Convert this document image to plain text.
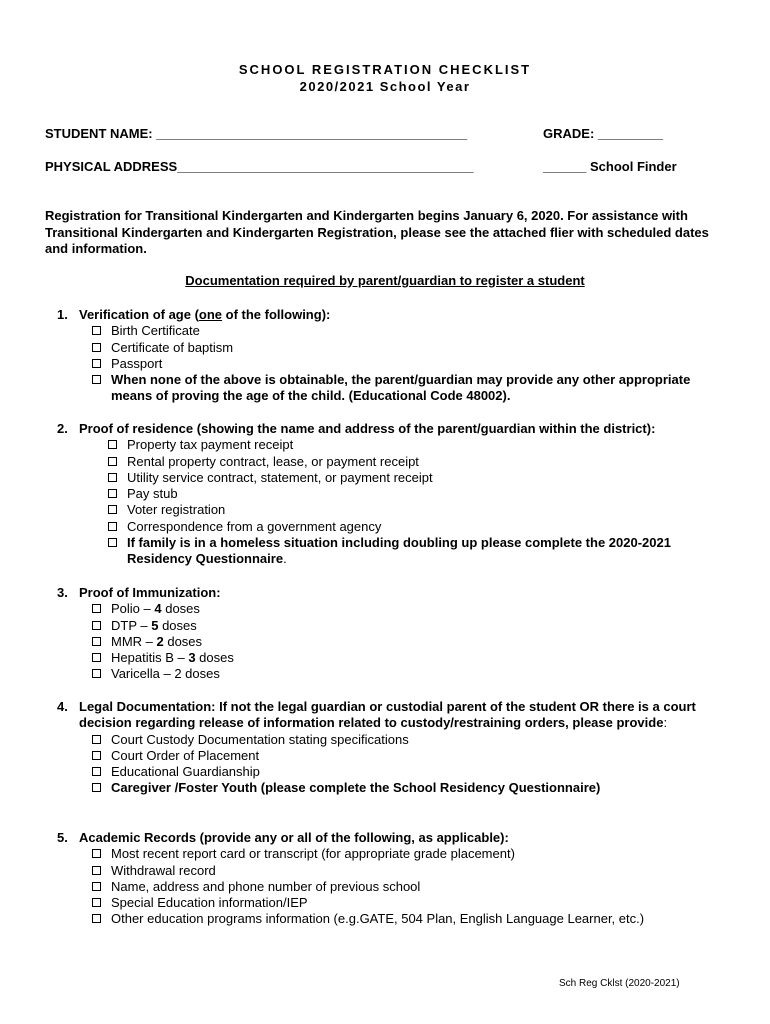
SCHOOL REGISTRATION CHECKLIST
2020/2021 School Year
STUDENT NAME: ___________________________________________	GRADE: _________
PHYSICAL ADDRESS_________________________________________	______ School Finder
Registration for Transitional Kindergarten and Kindergarten begins January 6, 2020. For assistance with Transitional Kindergarten and Kindergarten Registration, please see the attached flier with scheduled dates and information.
Documentation required by parent/guardian to register a student
1. Verification of age (one of the following):
Birth Certificate
Certificate of baptism
Passport
When none of the above is obtainable, the parent/guardian may provide any other appropriate means of proving the age of the child. (Educational Code 48002).
2. Proof of residence (showing the name and address of the parent/guardian within the district):
Property tax payment receipt
Rental property contract, lease, or payment receipt
Utility service contract, statement, or payment receipt
Pay stub
Voter registration
Correspondence from a government agency
If family is in a homeless situation including doubling up please complete the 2020-2021 Residency Questionnaire.
3. Proof of Immunization:
Polio – 4 doses
DTP – 5 doses
MMR – 2 doses
Hepatitis B – 3 doses
Varicella – 2 doses
4. Legal Documentation: If not the legal guardian or custodial parent of the student OR there is a court decision regarding release of information related to custody/restraining orders, please provide:
Court Custody Documentation stating specifications
Court Order of Placement
Educational Guardianship
Caregiver /Foster Youth (please complete the School Residency Questionnaire)
5. Academic Records (provide any or all of the following, as applicable):
Most recent report card or transcript (for appropriate grade placement)
Withdrawal record
Name, address and phone number of previous school
Special Education information/IEP
Other education programs information (e.g.GATE, 504 Plan, English Language Learner, etc.)
Sch Reg Cklst (2020-2021)
